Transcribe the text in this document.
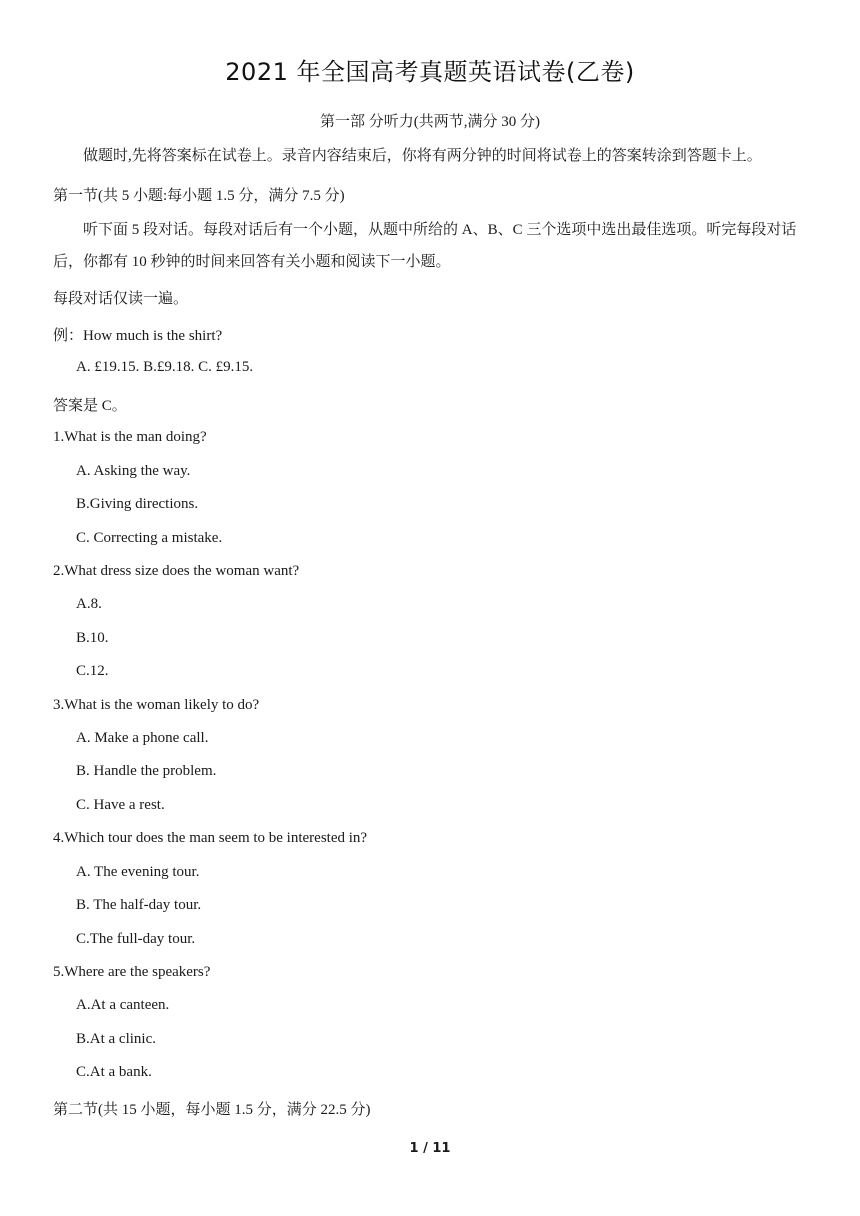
2021 年全国高考真题英语试卷(乙卷)
第一部 分听力(共两节,满分 30 分)
做题时,先将答案标在试卷上。录音内容结束后，你将有两分钟的时间将试卷上的答案转涂到答题卡上。
第一节(共 5 小题:每小题 1.5 分，满分 7.5 分)
听下面 5 段对话。每段对话后有一个小题，从题中所给的 A、B、C 三个选项中选出最佳选项。听完每段对话后，你都有 10 秒钟的时间来回答有关小题和阅读下一小题。
每段对话仅读一遍。
例：How much is the shirt?
A. £19.15. B.£9.18. C. £9.15.
答案是 C。
1.What is the man doing?
A. Asking the way.
B.Giving directions.
C. Correcting a mistake.
2.What dress size does the woman want?
A.8.
B.10.
C.12.
3.What is the woman likely to do?
A. Make a phone call.
B. Handle the problem.
C. Have a rest.
4.Which tour does the man seem to be interested in?
A. The evening tour.
B. The half-day tour.
C.The full-day tour.
5.Where are the speakers?
A.At a canteen.
B.At a clinic.
C.At a bank.
第二节(共 15 小题，每小题 1.5 分，满分 22.5 分)
1 / 11
